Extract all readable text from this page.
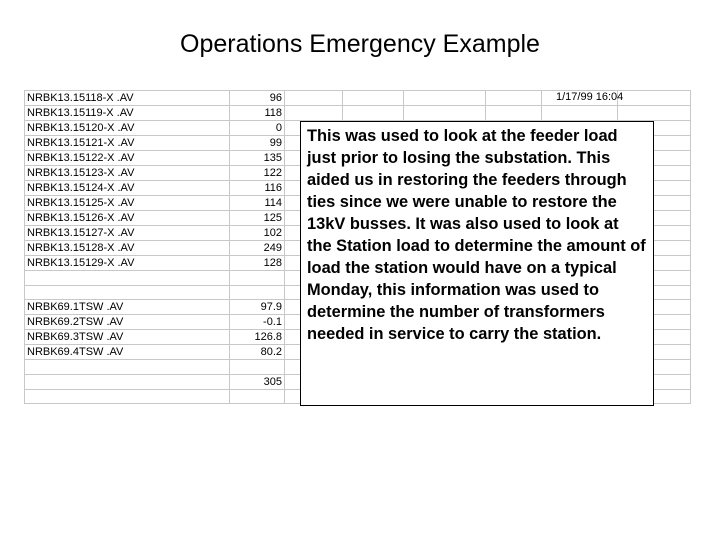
Operations Emergency Example
NRBK13.15118-X .AV	96						
NRBK13.15119-X .AV	118						
NRBK13.15120-X .AV	0						
NRBK13.15121-X .AV	99						
NRBK13.15122-X .AV	135						
NRBK13.15123-X .AV	122						
NRBK13.15124-X .AV	116						
NRBK13.15125-X .AV	114						
NRBK13.15126-X .AV	125						
NRBK13.15127-X .AV	102						
NRBK13.15128-X .AV	249						
NRBK13.15129-X .AV	128						

NRBK69.1TSW .AV	97.9						
NRBK69.2TSW .AV	-0.1						
NRBK69.3TSW .AV	126.8						
NRBK69.4TSW .AV	80.2						

	305						

1/17/99 16:04
This was used to look at the feeder load just prior to losing the substation. This aided us in restoring the feeders through ties since we were unable to restore the 13kV busses. It was also used to look at the Station load to determine the amount of load the station would have on a typical Monday, this information was used to determine the number of transformers needed in service to carry the station.
